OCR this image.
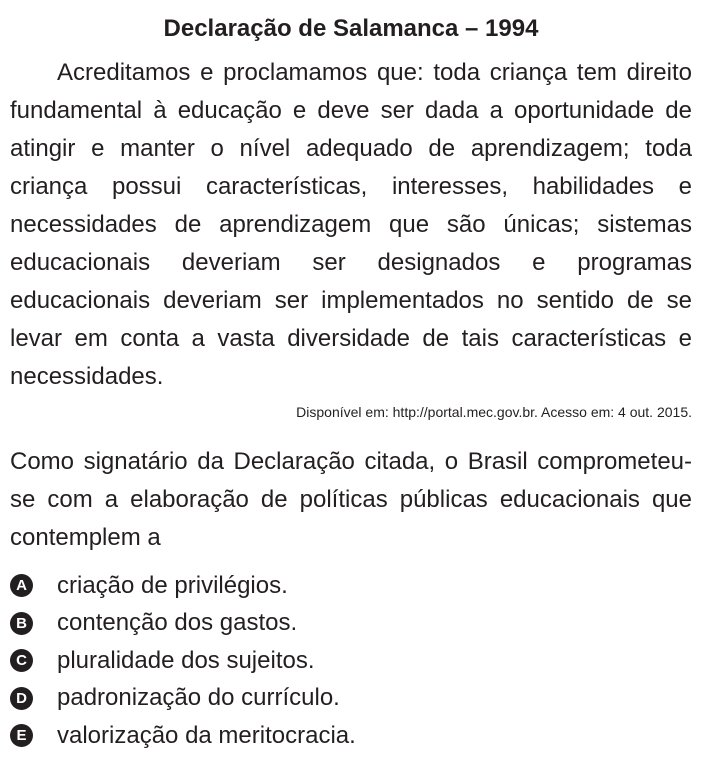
Declaração de Salamanca – 1994

Acreditamos e proclamamos que: toda criança tem direito fundamental à educação e deve ser dada a oportunidade de atingir e manter o nível adequado de aprendizagem; toda criança possui características, interesses, habilidades e necessidades de aprendizagem que são únicas; sistemas educacionais deveriam ser designados e programas educacionais deveriam ser implementados no sentido de se levar em conta a vasta diversidade de tais características e necessidades.

Disponível em: http://portal.mec.gov.br. Acesso em: 4 out. 2015.

Como signatário da Declaração citada, o Brasil comprometeu-se com a elaboração de políticas públicas educacionais que contemplem a

A criação de privilégios.
B contenção dos gastos.
C pluralidade dos sujeitos.
D padronização do currículo.
E valorização da meritocracia.
